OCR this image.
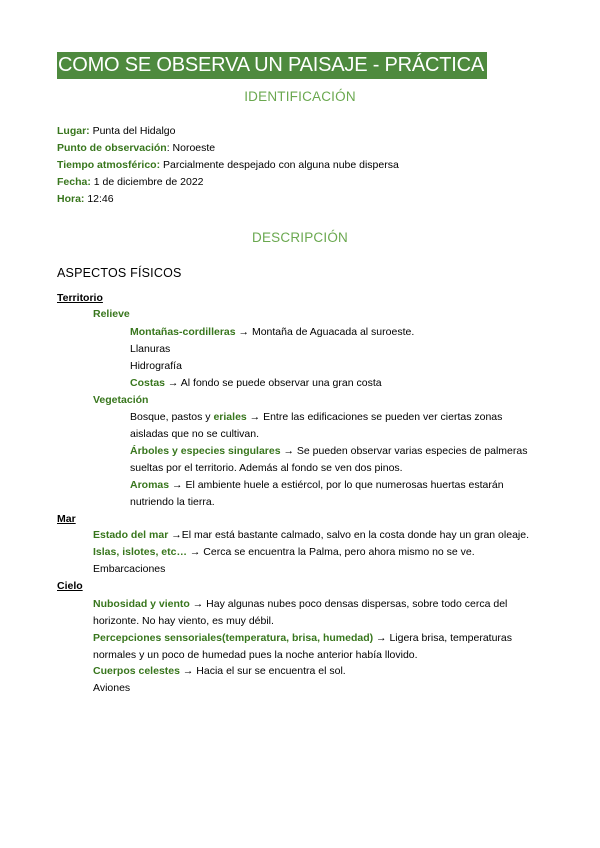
COMO SE OBSERVA UN PAISAJE - PRÁCTICA
IDENTIFICACIÓN
Lugar: Punta del Hidalgo
Punto de observación: Noroeste
Tiempo atmosférico: Parcialmente despejado con alguna nube dispersa
Fecha: 1 de diciembre de 2022
Hora: 12:46
DESCRIPCIÓN
ASPECTOS FÍSICOS
Territorio
Relieve
Montañas-cordilleras → Montaña de Aguacada al suroeste.
Llanuras
Hidrografía
Costas → Al fondo se puede observar una gran costa
Vegetación
Bosque, pastos y eriales → Entre las edificaciones se pueden ver ciertas zonas
aisladas que no se cultivan.
Árboles y especies singulares → Se pueden observar varias especies de palmeras
sueltas por el territorio. Además al fondo se ven dos pinos.
Aromas → El ambiente huele a estiércol, por lo que numerosas huertas estarán
nutriendo la tierra.
Mar
Estado del mar →El mar está bastante calmado, salvo en la costa donde hay un gran oleaje.
Islas, islotes, etc… → Cerca se encuentra la Palma, pero ahora mismo no se ve.
Embarcaciones
Cielo
Nubosidad y viento → Hay algunas nubes poco densas dispersas, sobre todo cerca del
horizonte. No hay viento, es muy débil.
Percepciones sensoriales(temperatura, brisa, humedad) → Ligera brisa, temperaturas
normales y un poco de humedad pues la noche anterior había llovido.
Cuerpos celestes → Hacia el sur se encuentra el sol.
Aviones
